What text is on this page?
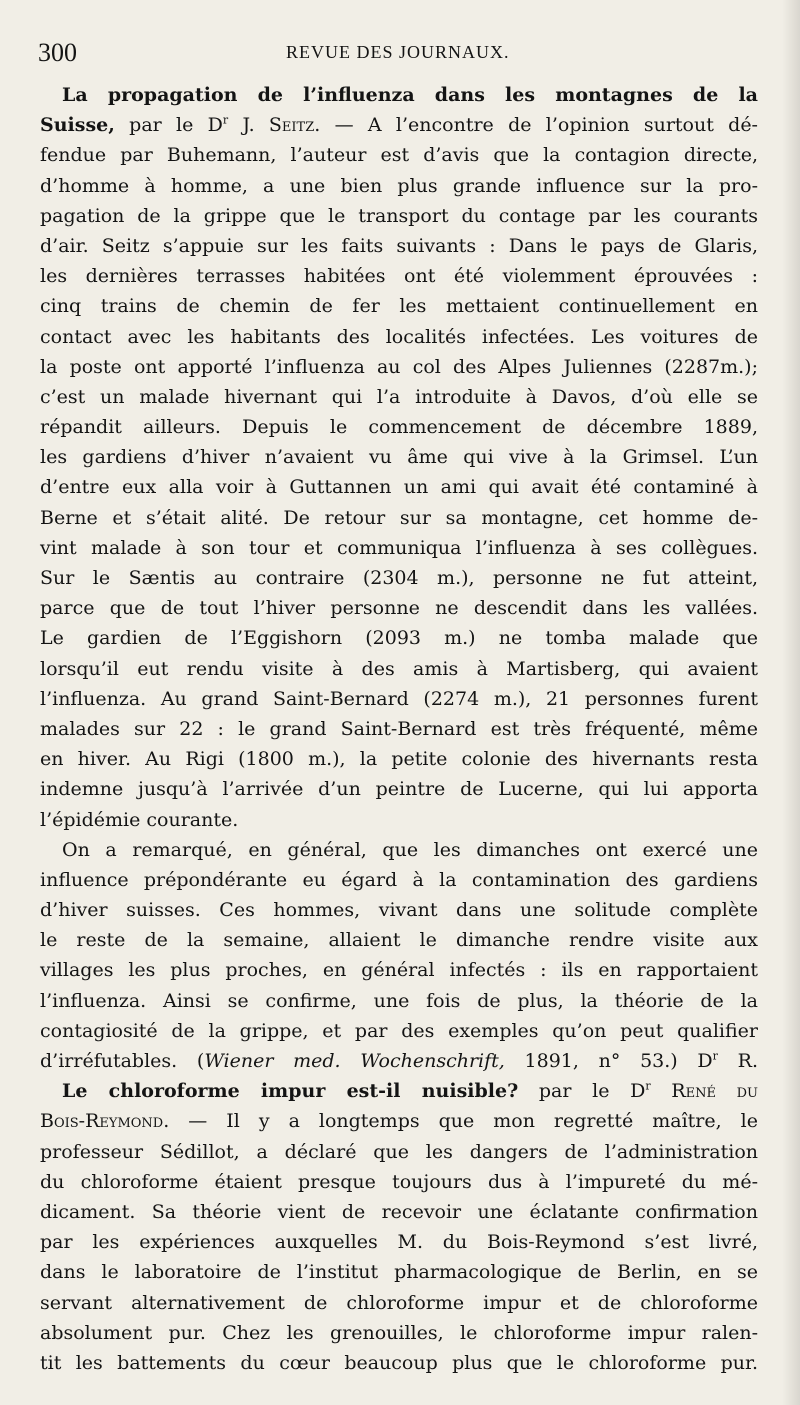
300	REVUE DES JOURNAUX.
La propagation de l’influenza dans les montagnes de la
Suisse, par le $D^r$ J. Seitz. — A l’encontre de l’opinion surtout dé-
fendue par Buhemann, l’auteur est d’avis que la contagion directe,
d’homme à homme, a une bien plus grande influence sur la pro-
pagation de la grippe que le transport du contage par les courants
d’air. Seitz s’appuie sur les faits suivants : Dans le pays de Glaris,
les dernières terrasses habitées ont été violemment éprouvées :
cinq trains de chemin de fer les mettaient continuellement en
contact avec les habitants des localités infectées. Les voitures de
la poste ont apporté l’influenza au col des Alpes Juliennes (2287m.);
c’est un malade hivernant qui l’a introduite à Davos, d’où elle se
répandit ailleurs. Depuis le commencement de décembre 1889,
les gardiens d’hiver n’avaient vu âme qui vive à la Grimsel. L’un
d’entre eux alla voir à Guttannen un ami qui avait été contaminé à
Berne et s’était alité. De retour sur sa montagne, cet homme de-
vint malade à son tour et communiqua l’influenza à ses collègues.
Sur le Sæntis au contraire (2304 m.), personne ne fut atteint,
parce que de tout l’hiver personne ne descendit dans les vallées.
Le gardien de l’Eggishorn (2093 m.) ne tomba malade que
lorsqu’il eut rendu visite à des amis à Martisberg, qui avaient
l’influenza. Au grand Saint-Bernard (2274 m.), 21 personnes furent
malades sur 22 : le grand Saint-Bernard est très fréquenté, même
en hiver. Au Rigi (1800 m.), la petite colonie des hivernants resta
indemne jusqu’à l’arrivée d’un peintre de Lucerne, qui lui apporta
l’épidémie courante.
On a remarqué, en général, que les dimanches ont exercé une
influence prépondérante eu égard à la contamination des gardiens
d’hiver suisses. Ces hommes, vivant dans une solitude complète
le reste de la semaine, allaient le dimanche rendre visite aux
villages les plus proches, en général infectés : ils en rapportaient
l’influenza. Ainsi se confirme, une fois de plus, la théorie de la
contagiosité de la grippe, et par des exemples qu’on peut qualifier
d’irréfutables. (Wiener med. Wochenschrift, 1891, n° 53.) $D^r$ R.
Le chloroforme impur est-il nuisible? par le $D^r$ René du
Bois-Reymond. — Il y a longtemps que mon regretté maître, le
professeur Sédillot, a déclaré que les dangers de l’administration
du chloroforme étaient presque toujours dus à l’impureté du mé-
dicament. Sa théorie vient de recevoir une éclatante confirmation
par les expériences auxquelles M. du Bois-Reymond s’est livré,
dans le laboratoire de l’institut pharmacologique de Berlin, en se
servant alternativement de chloroforme impur et de chloroforme
absolument pur. Chez les grenouilles, le chloroforme impur ralen-
tit les battements du cœur beaucoup plus que le chloroforme pur.
